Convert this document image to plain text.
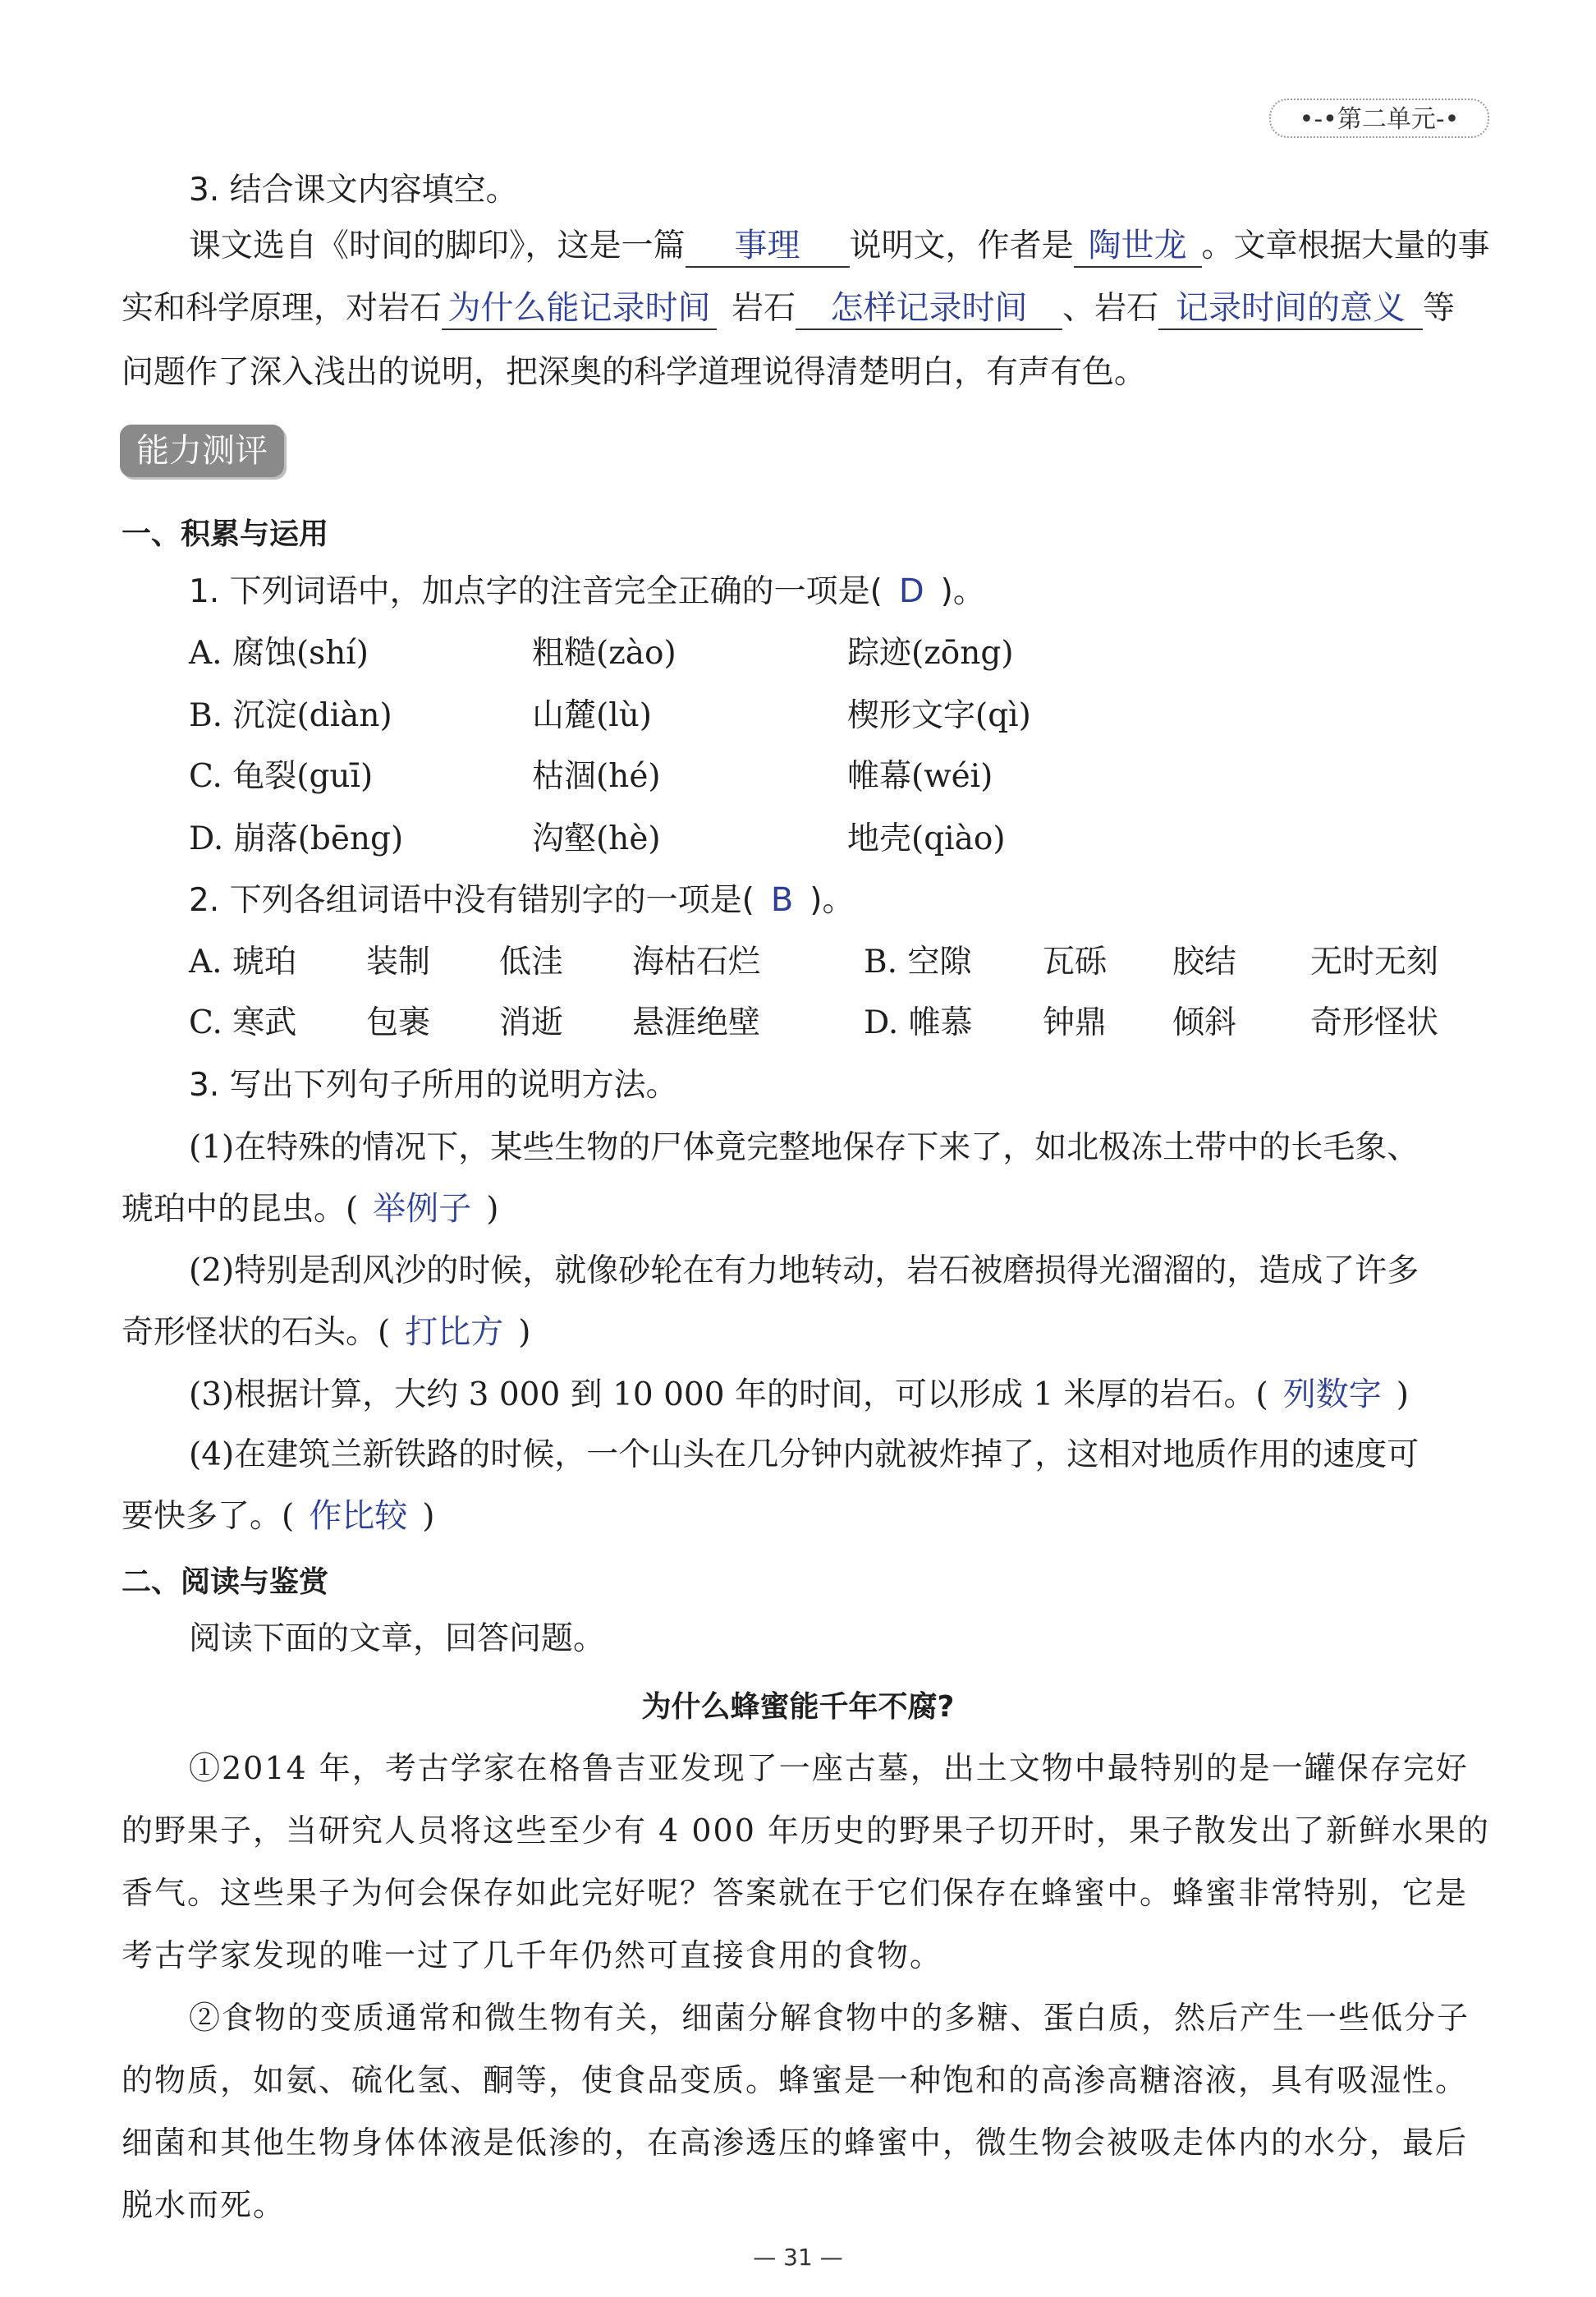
•-•第二单元-•
3. 结合课文内容填空。
课文选自《时间的脚印》，这是一篇 事理 说明文，作者是 陶世龙 。文章根据大量的事
实和科学原理，对岩石 为什么能记录时间 岩石 怎样记录时间 、岩石 记录时间的意义 等
问题作了深入浅出的说明，把深奥的科学道理说得清楚明白，有声有色。
能力测评
一、积累与运用
1. 下列词语中，加点字的注音完全正确的一项是( D )。
A. 腐蚀(shí)	粗糙(zào)	踪迹(zōng)
B. 沉淀(diàn)	山麓(lù)	楔形文字(qì)
C. 龟裂(guī)	枯涸(hé)	帷幕(wéi)
D. 崩落(bēng)	沟壑(hè)	地壳(qiào)
2. 下列各组词语中没有错别字的一项是( B )。
A. 琥珀 装制 低洼 海枯石烂	B. 空隙 瓦砾 胶结 无时无刻
C. 寒武 包裹 消逝 悬涯绝壁	D. 帷慕 钟鼎 倾斜 奇形怪状
3. 写出下列句子所用的说明方法。
(1)在特殊的情况下，某些生物的尸体竟完整地保存下来了，如北极冻土带中的长毛象、
琥珀中的昆虫。( 举例子 )
(2)特别是刮风沙的时候，就像砂轮在有力地转动，岩石被磨损得光溜溜的，造成了许多
奇形怪状的石头。( 打比方 )
(3)根据计算，大约 3 000 到 10 000 年的时间，可以形成 1 米厚的岩石。( 列数字 )
(4)在建筑兰新铁路的时候，一个山头在几分钟内就被炸掉了，这相对地质作用的速度可
要快多了。( 作比较 )
二、阅读与鉴赏
阅读下面的文章，回答问题。
为什么蜂蜜能千年不腐?
①2014 年，考古学家在格鲁吉亚发现了一座古墓，出土文物中最特别的是一罐保存完好
的野果子，当研究人员将这些至少有 4 000 年历史的野果子切开时，果子散发出了新鲜水果的
香气。这些果子为何会保存如此完好呢？答案就在于它们保存在蜂蜜中。蜂蜜非常特别，它是
考古学家发现的唯一过了几千年仍然可直接食用的食物。
②食物的变质通常和微生物有关，细菌分解食物中的多糖、蛋白质，然后产生一些低分子
的物质，如氨、硫化氢、酮等，使食品变质。蜂蜜是一种饱和的高渗高糖溶液，具有吸湿性。
细菌和其他生物身体体液是低渗的，在高渗透压的蜂蜜中，微生物会被吸走体内的水分，最后
脱水而死。
— 31 —
